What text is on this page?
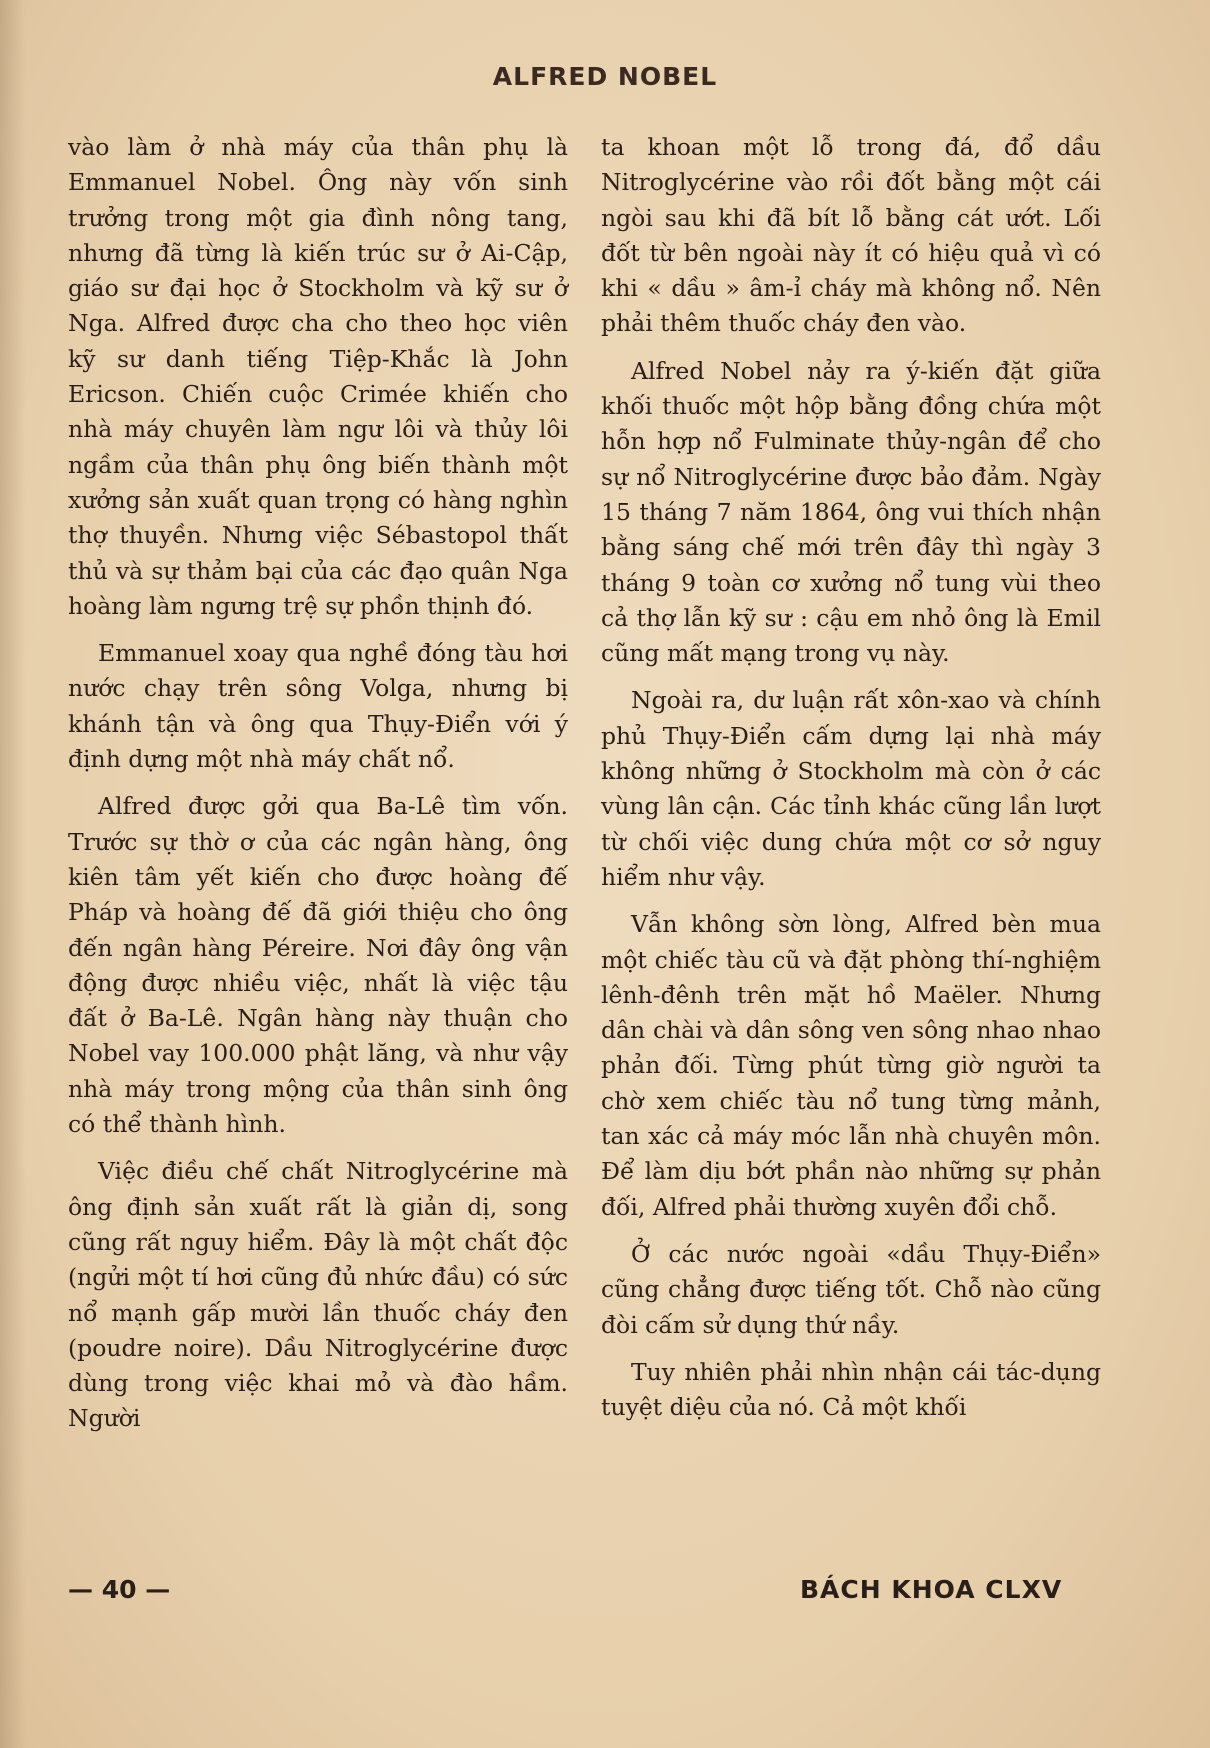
ALFRED NOBEL

vào làm ở nhà máy của thân phụ là Emmanuel Nobel. Ông này vốn sinh trưởng trong một gia đình nông tang, nhưng đã từng là kiến trúc sư ở Ai-Cập, giáo sư đại học ở Stockholm và kỹ sư ở Nga. Alfred được cha cho theo học viên kỹ sư danh tiếng Tiệp-Khắc là John Ericson. Chiến cuộc Crimée khiến cho nhà máy chuyên làm ngư lôi và thủy lôi ngầm của thân phụ ông biến thành một xưởng sản xuất quan trọng có hàng nghìn thợ thuyền. Nhưng việc Sébastopol thất thủ và sự thảm bại của các đạo quân Nga hoàng làm ngưng trệ sự phồn thịnh đó.

Emmanuel xoay qua nghề đóng tàu hơi nước chạy trên sông Volga, nhưng bị khánh tận và ông qua Thụy-Điển với ý định dựng một nhà máy chất nổ.

Alfred được gởi qua Ba-Lê tìm vốn. Trước sự thờ ơ của các ngân hàng, ông kiên tâm yết kiến cho được hoàng đế Pháp và hoàng đế đã giới thiệu cho ông đến ngân hàng Péreire. Nơi đây ông vận động được nhiều việc, nhất là việc tậu đất ở Ba-Lê. Ngân hàng này thuận cho Nobel vay 100.000 phật lăng, và như vậy nhà máy trong mộng của thân sinh ông có thể thành hình.

Việc điều chế chất Nitroglycérine mà ông định sản xuất rất là giản dị, song cũng rất nguy hiểm. Đây là một chất độc (ngửi một tí hơi cũng đủ nhức đầu) có sức nổ mạnh gấp mười lần thuốc cháy đen (poudre noire). Dầu Nitroglycérine được dùng trong việc khai mỏ và đào hầm. Người

ta khoan một lỗ trong đá, đổ dầu Nitroglycérine vào rồi đốt bằng một cái ngòi sau khi đã bít lỗ bằng cát ướt. Lối đốt từ bên ngoài này ít có hiệu quả vì có khi « dầu » âm-ỉ cháy mà không nổ. Nên phải thêm thuốc cháy đen vào.

Alfred Nobel nảy ra ý-kiến đặt giữa khối thuốc một hộp bằng đồng chứa một hỗn hợp nổ Fulminate thủy-ngân để cho sự nổ Nitroglycérine được bảo đảm. Ngày 15 tháng 7 năm 1864, ông vui thích nhận bằng sáng chế mới trên đây thì ngày 3 tháng 9 toàn cơ xưởng nổ tung vùi theo cả thợ lẫn kỹ sư : cậu em nhỏ ông là Emil cũng mất mạng trong vụ này.

Ngoài ra, dư luận rất xôn-xao và chính phủ Thụy-Điển cấm dựng lại nhà máy không những ở Stockholm mà còn ở các vùng lân cận. Các tỉnh khác cũng lần lượt từ chối việc dung chứa một cơ sở nguy hiểm như vậy.

Vẫn không sờn lòng, Alfred bèn mua một chiếc tàu cũ và đặt phòng thí-nghiệm lênh-đênh trên mặt hồ Maëler. Nhưng dân chài và dân sông ven sông nhao nhao phản đối. Từng phút từng giờ người ta chờ xem chiếc tàu nổ tung từng mảnh, tan xác cả máy móc lẫn nhà chuyên môn. Để làm dịu bớt phần nào những sự phản đối, Alfred phải thường xuyên đổi chỗ.

Ở các nước ngoài «dầu Thụy-Điển» cũng chẳng được tiếng tốt. Chỗ nào cũng đòi cấm sử dụng thứ nầy.

Tuy nhiên phải nhìn nhận cái tác-dụng tuyệt diệu của nó. Cả một khối

— 40 —	BÁCH KHOA CLXV
